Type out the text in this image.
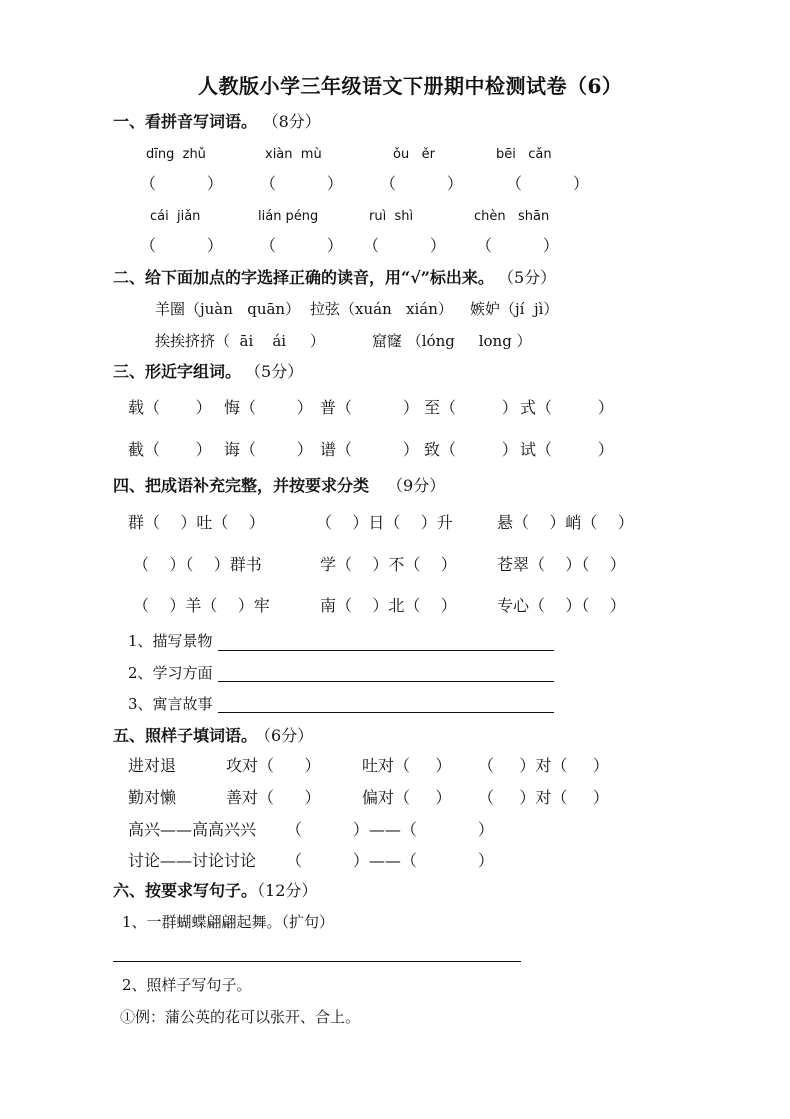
人教版小学三年级语文下册期中检测试卷（6）
一、看拼音写词语。 （8分）
dīng  zhǔ	xiàn  mù	ǒu   ěr	bēi   cǎn
（          ） （          ） （          ）	（          ）
cái  jiǎn	lián péng	ruì  shì	chèn   shān
（          ） （          ） （          ） （          ）
二、给下面加点的字选择正确的读音，用“√”标出来。 （5分）
羊圈（juàn   quān） 拉弦（xuán   xián） 嫉妒（jí  jì）
挨挨挤挤（  āi    ái     ）	窟窿 （lóng     long ）
三、形近字组词。 （5分）
载（       ） 悔（        ） 普（          ） 至（         ） 式（         ）
截（       ） 诲（        ） 谱（          ） 致（         ） 试（         ）
四、把成语补充完整，并按要求分类 （9分）
群（    ）吐（    ）	（    ）日（    ）升	悬（    ）峭（    ）
（    ）（    ）群书	学（    ）不（    ）	苍翠（    ）（    ）
（    ）羊（    ）牢	南（    ）北（    ）	专心（    ）（    ）
1、描写景物
2、学习方面
3、寓言故事
五、照样子填词语。 （6分）
进对退	攻对（      ）	吐对（     ） （     ）对（     ）
勤对懒	善对（      ）	偏对（     ） （     ）对（     ）
高兴——高高兴兴 （          ）——（            ）
讨论——讨论讨论 （          ）——（            ）
六、按要求写句子。（12分）
1、一群蝴蝶翩翩起舞。（扩句）
2、照样子写句子。
①例：蒲公英的花可以张开、合上。
